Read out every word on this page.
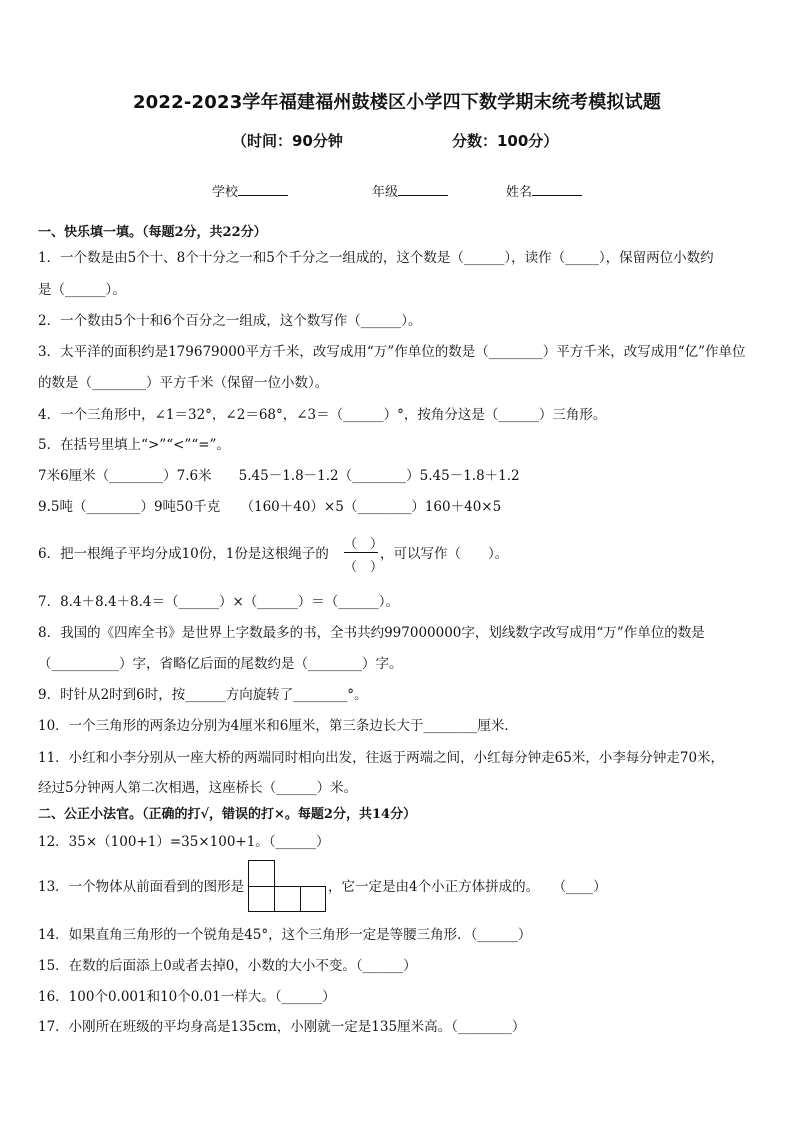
2022-2023学年福建福州鼓楼区小学四下数学期末统考模拟试题
（时间：90分钟	分数：100分）
学校	年级	姓名
一、快乐填一填。（每题2分，共22分）
1．一个数是由5个十、8个十分之一和5个千分之一组成的，这个数是（______），读作（_____），保留两位小数约
是（______）。
2．一个数由5个十和6个百分之一组成，这个数写作（______）。
3．太平洋的面积约是179679000平方千米，改写成用“万”作单位的数是（________）平方千米，改写成用“亿”作单位
的数是（________）平方千米（保留一位小数）。
4．一个三角形中，∠1＝32°，∠2＝68°，∠3＝（______）°，按角分这是（______）三角形。
5．在括号里填上“>”“<”“=”。
7米6厘米（________）7.6米　　5.45－1.8－1.2（________）5.45－1.8＋1.2
9.5吨（________）9吨50千克　　（160＋40）×5（________）160＋40×5
6．把一根绳子平均分成10份，1份是这根绳子的
（　）
（　）
，可以写作（　　）。
7．8.4＋8.4＋8.4＝（______）×（______）＝（______）。
8．我国的《四库全书》是世界上字数最多的书，全书共约997000000字，划线数字改写成用“万”作单位的数是
（__________）字，省略亿后面的尾数约是（________）字。
9．时针从2时到6时，按______方向旋转了________°。
10．一个三角形的两条边分别为4厘米和6厘米，第三条边长大于________厘米．
11．小红和小李分别从一座大桥的两端同时相向出发，往返于两端之间，小红每分钟走65米，小李每分钟走70米，
经过5分钟两人第二次相遇，这座桥长（______）米。
二、公正小法官。（正确的打√，错误的打×。每题2分，共14分）
12．35×（100+1）=35×100+1。（______）
13．一个物体从前面看到的图形是	，它一定是由4个小正方体拼成的。　　（____）
14．如果直角三角形的一个锐角是45°，这个三角形一定是等腰三角形．（______）
15．在数的后面添上0或者去掉0，小数的大小不变。（______）
16．100个0.001和10个0.01一样大。（______）
17．小刚所在班级的平均身高是135cm，小刚就一定是135厘米高。（________）
